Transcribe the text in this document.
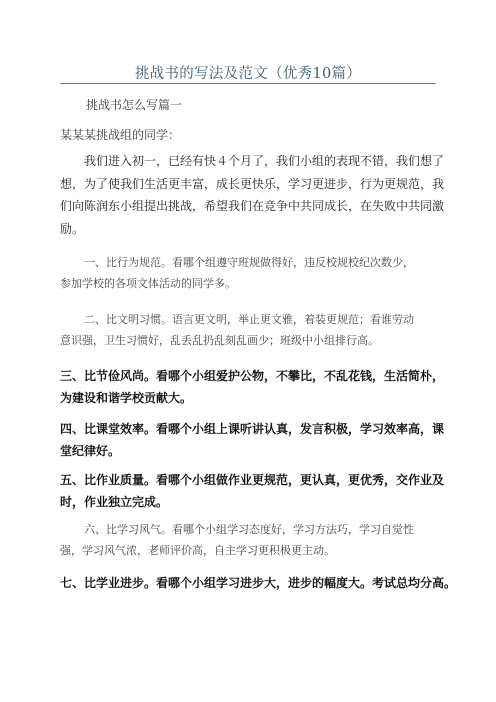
挑战书的写法及范文（优秀10篇）

挑战书怎么写篇一

某某某挑战组的同学：

我们进入初一，已经有快４个月了，我们小组的表现不错，我们想了
想，为了使我们生活更丰富，成长更快乐，学习更进步，行为更规范，我
们向陈润东小组提出挑战，希望我们在竞争中共同成长，在失败中共同激
励。
一、比行为规范。看哪个组遵守班规做得好，违反校规校纪次数少，
参加学校的各项文体活动的同学多。
二、比文明习惯。语言更文明，举止更文雅，着装更规范；看谁劳动
意识强，卫生习惯好，乱丢乱扔乱刻乱画少；班级中小组排行高。
三、比节俭风尚。看哪个小组爱护公物，不攀比，不乱花钱，生活简朴，
为建设和谐学校贡献大。
四、比课堂效率。看哪个小组上课听讲认真，发言积极，学习效率高，课
堂纪律好。
五、比作业质量。看哪个小组做作业更规范，更认真，更优秀，交作业及
时，作业独立完成。
六、比学习风气。看哪个小组学习态度好，学习方法巧，学习自觉性
强，学习风气浓，老师评价高，自主学习更积极更主动。
七、比学业进步。看哪个小组学习进步大，进步的幅度大。考试总均分高。
